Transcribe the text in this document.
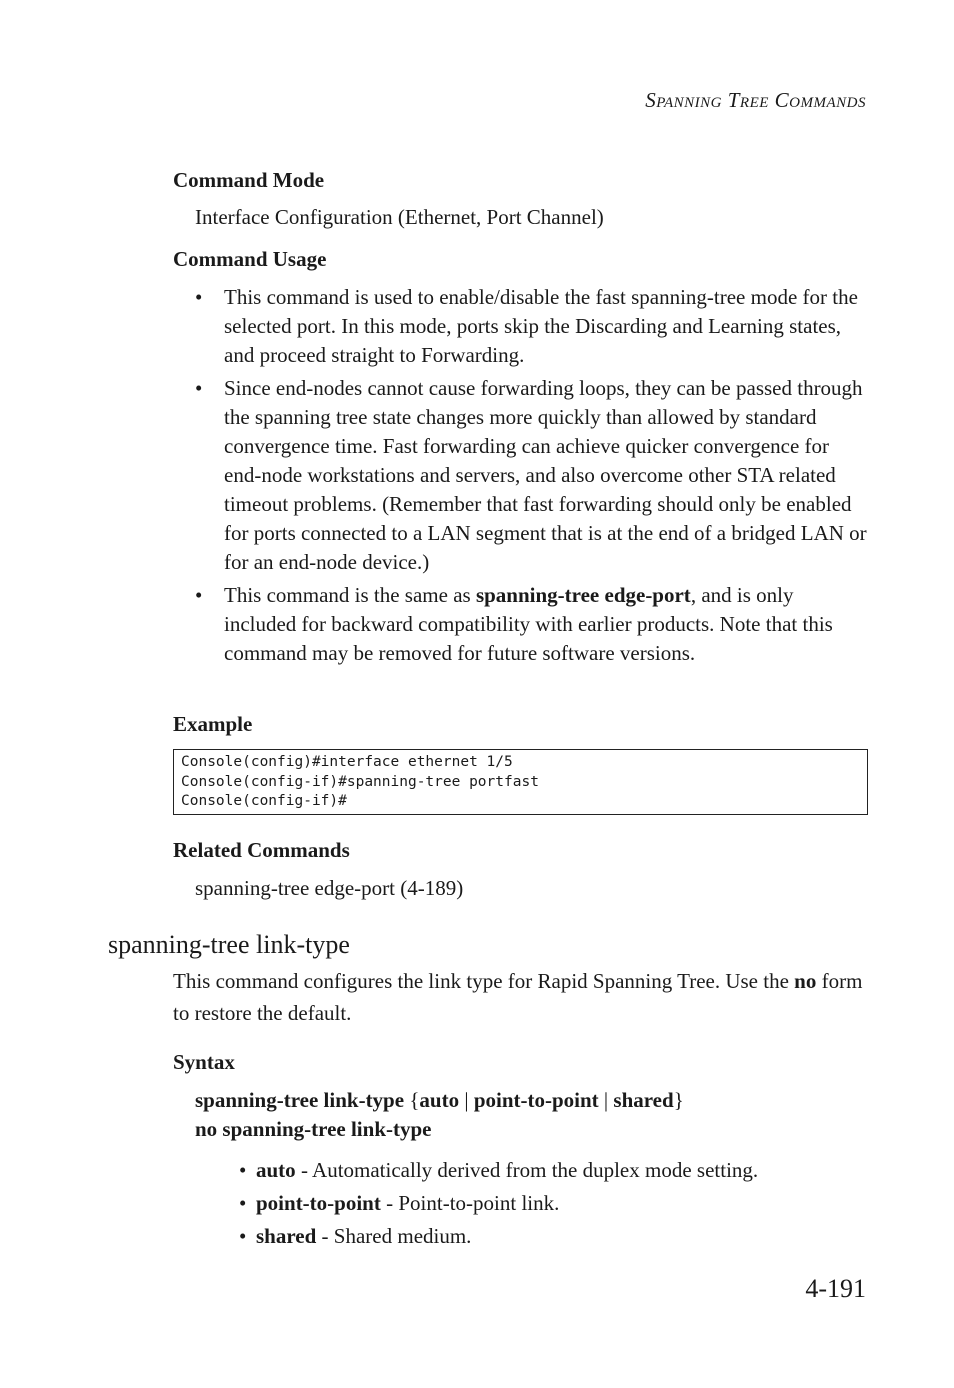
Spanning Tree Commands
Command Mode
Interface Configuration (Ethernet, Port Channel)
Command Usage
• This command is used to enable/disable the fast spanning-tree mode for the selected port. In this mode, ports skip the Discarding and Learning states, and proceed straight to Forwarding.
• Since end-nodes cannot cause forwarding loops, they can be passed through the spanning tree state changes more quickly than allowed by standard convergence time. Fast forwarding can achieve quicker convergence for end-node workstations and servers, and also overcome other STA related timeout problems. (Remember that fast forwarding should only be enabled for ports connected to a LAN segment that is at the end of a bridged LAN or for an end-node device.)
• This command is the same as spanning-tree edge-port, and is only included for backward compatibility with earlier products. Note that this command may be removed for future software versions.
Example
Console(config)#interface ethernet 1/5
Console(config-if)#spanning-tree portfast
Console(config-if)#
Related Commands
spanning-tree edge-port (4-189)
spanning-tree link-type
This command configures the link type for Rapid Spanning Tree. Use the no form to restore the default.
Syntax
spanning-tree link-type {auto | point-to-point | shared}
no spanning-tree link-type
• auto - Automatically derived from the duplex mode setting.
• point-to-point - Point-to-point link.
• shared - Shared medium.
4-191
